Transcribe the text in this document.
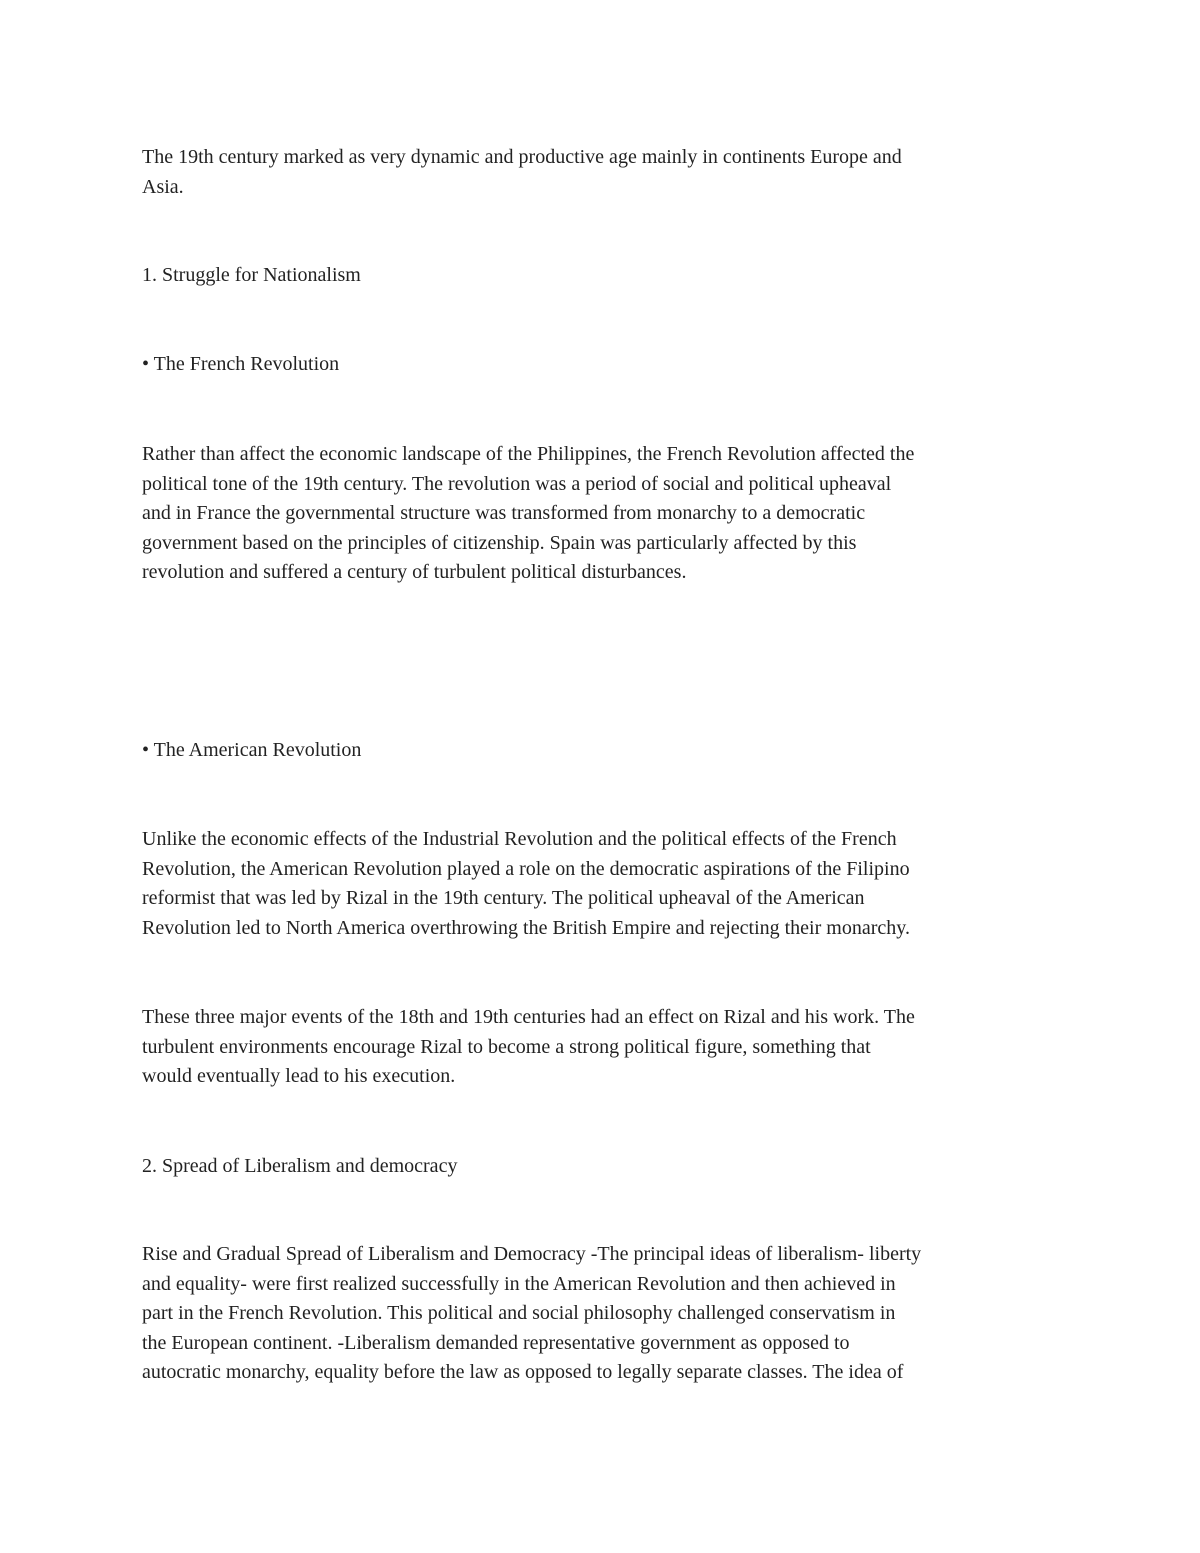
The 19th century marked as very dynamic and productive age mainly in continents Europe and
Asia.

1. Struggle for Nationalism

• The French Revolution

Rather than affect the economic landscape of the Philippines, the French Revolution affected the
political tone of the 19th century. The revolution was a period of social and political upheaval
and in France the governmental structure was transformed from monarchy to a democratic
government based on the principles of citizenship. Spain was particularly affected by this
revolution and suffered a century of turbulent political disturbances.

• The American Revolution

Unlike the economic effects of the Industrial Revolution and the political effects of the French
Revolution, the American Revolution played a role on the democratic aspirations of the Filipino
reformist that was led by Rizal in the 19th century. The political upheaval of the American
Revolution led to North America overthrowing the British Empire and rejecting their monarchy.

These three major events of the 18th and 19th centuries had an effect on Rizal and his work. The
turbulent environments encourage Rizal to become a strong political figure, something that
would eventually lead to his execution.

2. Spread of Liberalism and democracy

Rise and Gradual Spread of Liberalism and Democracy -The principal ideas of liberalism- liberty
and equality- were first realized successfully in the American Revolution and then achieved in
part in the French Revolution. This political and social philosophy challenged conservatism in
the European continent. -Liberalism demanded representative government as opposed to
autocratic monarchy, equality before the law as opposed to legally separate classes. The idea of
